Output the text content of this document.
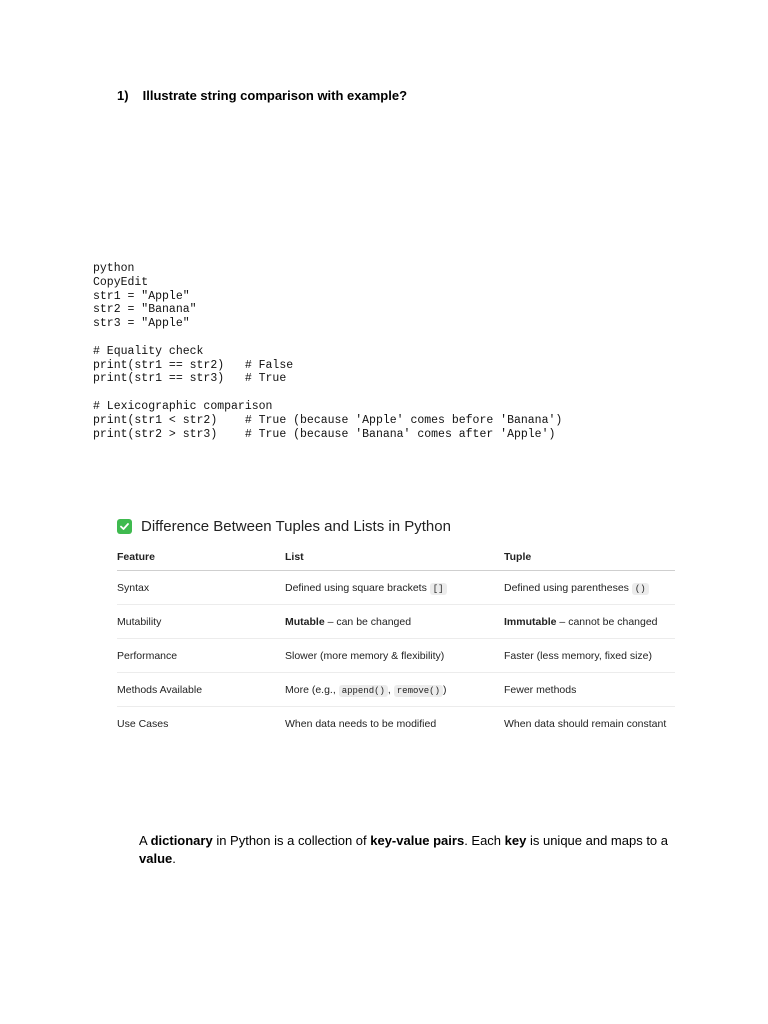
1) Illustrate string comparison with example?
python
CopyEdit
str1 = "Apple"
str2 = "Banana"
str3 = "Apple"
# Equality check
print(str1 == str2)   # False
print(str1 == str3)   # True
# Lexicographic comparison
print(str1 < str2)    # True (because 'Apple' comes before 'Banana')
print(str2 > str3)    # True (because 'Banana' comes after 'Apple')
Difference Between Tuples and Lists in Python
Feature	List	Tuple
Syntax	Defined using square brackets []	Defined using parentheses ()
Mutability	Mutable – can be changed	Immutable – cannot be changed
Performance	Slower (more memory & flexibility)	Faster (less memory, fixed size)
Methods Available	More (e.g., append() , remove() )	Fewer methods
Use Cases	When data needs to be modified	When data should remain constant
A dictionary in Python is a collection of key-value pairs. Each key is unique and maps to a value.
